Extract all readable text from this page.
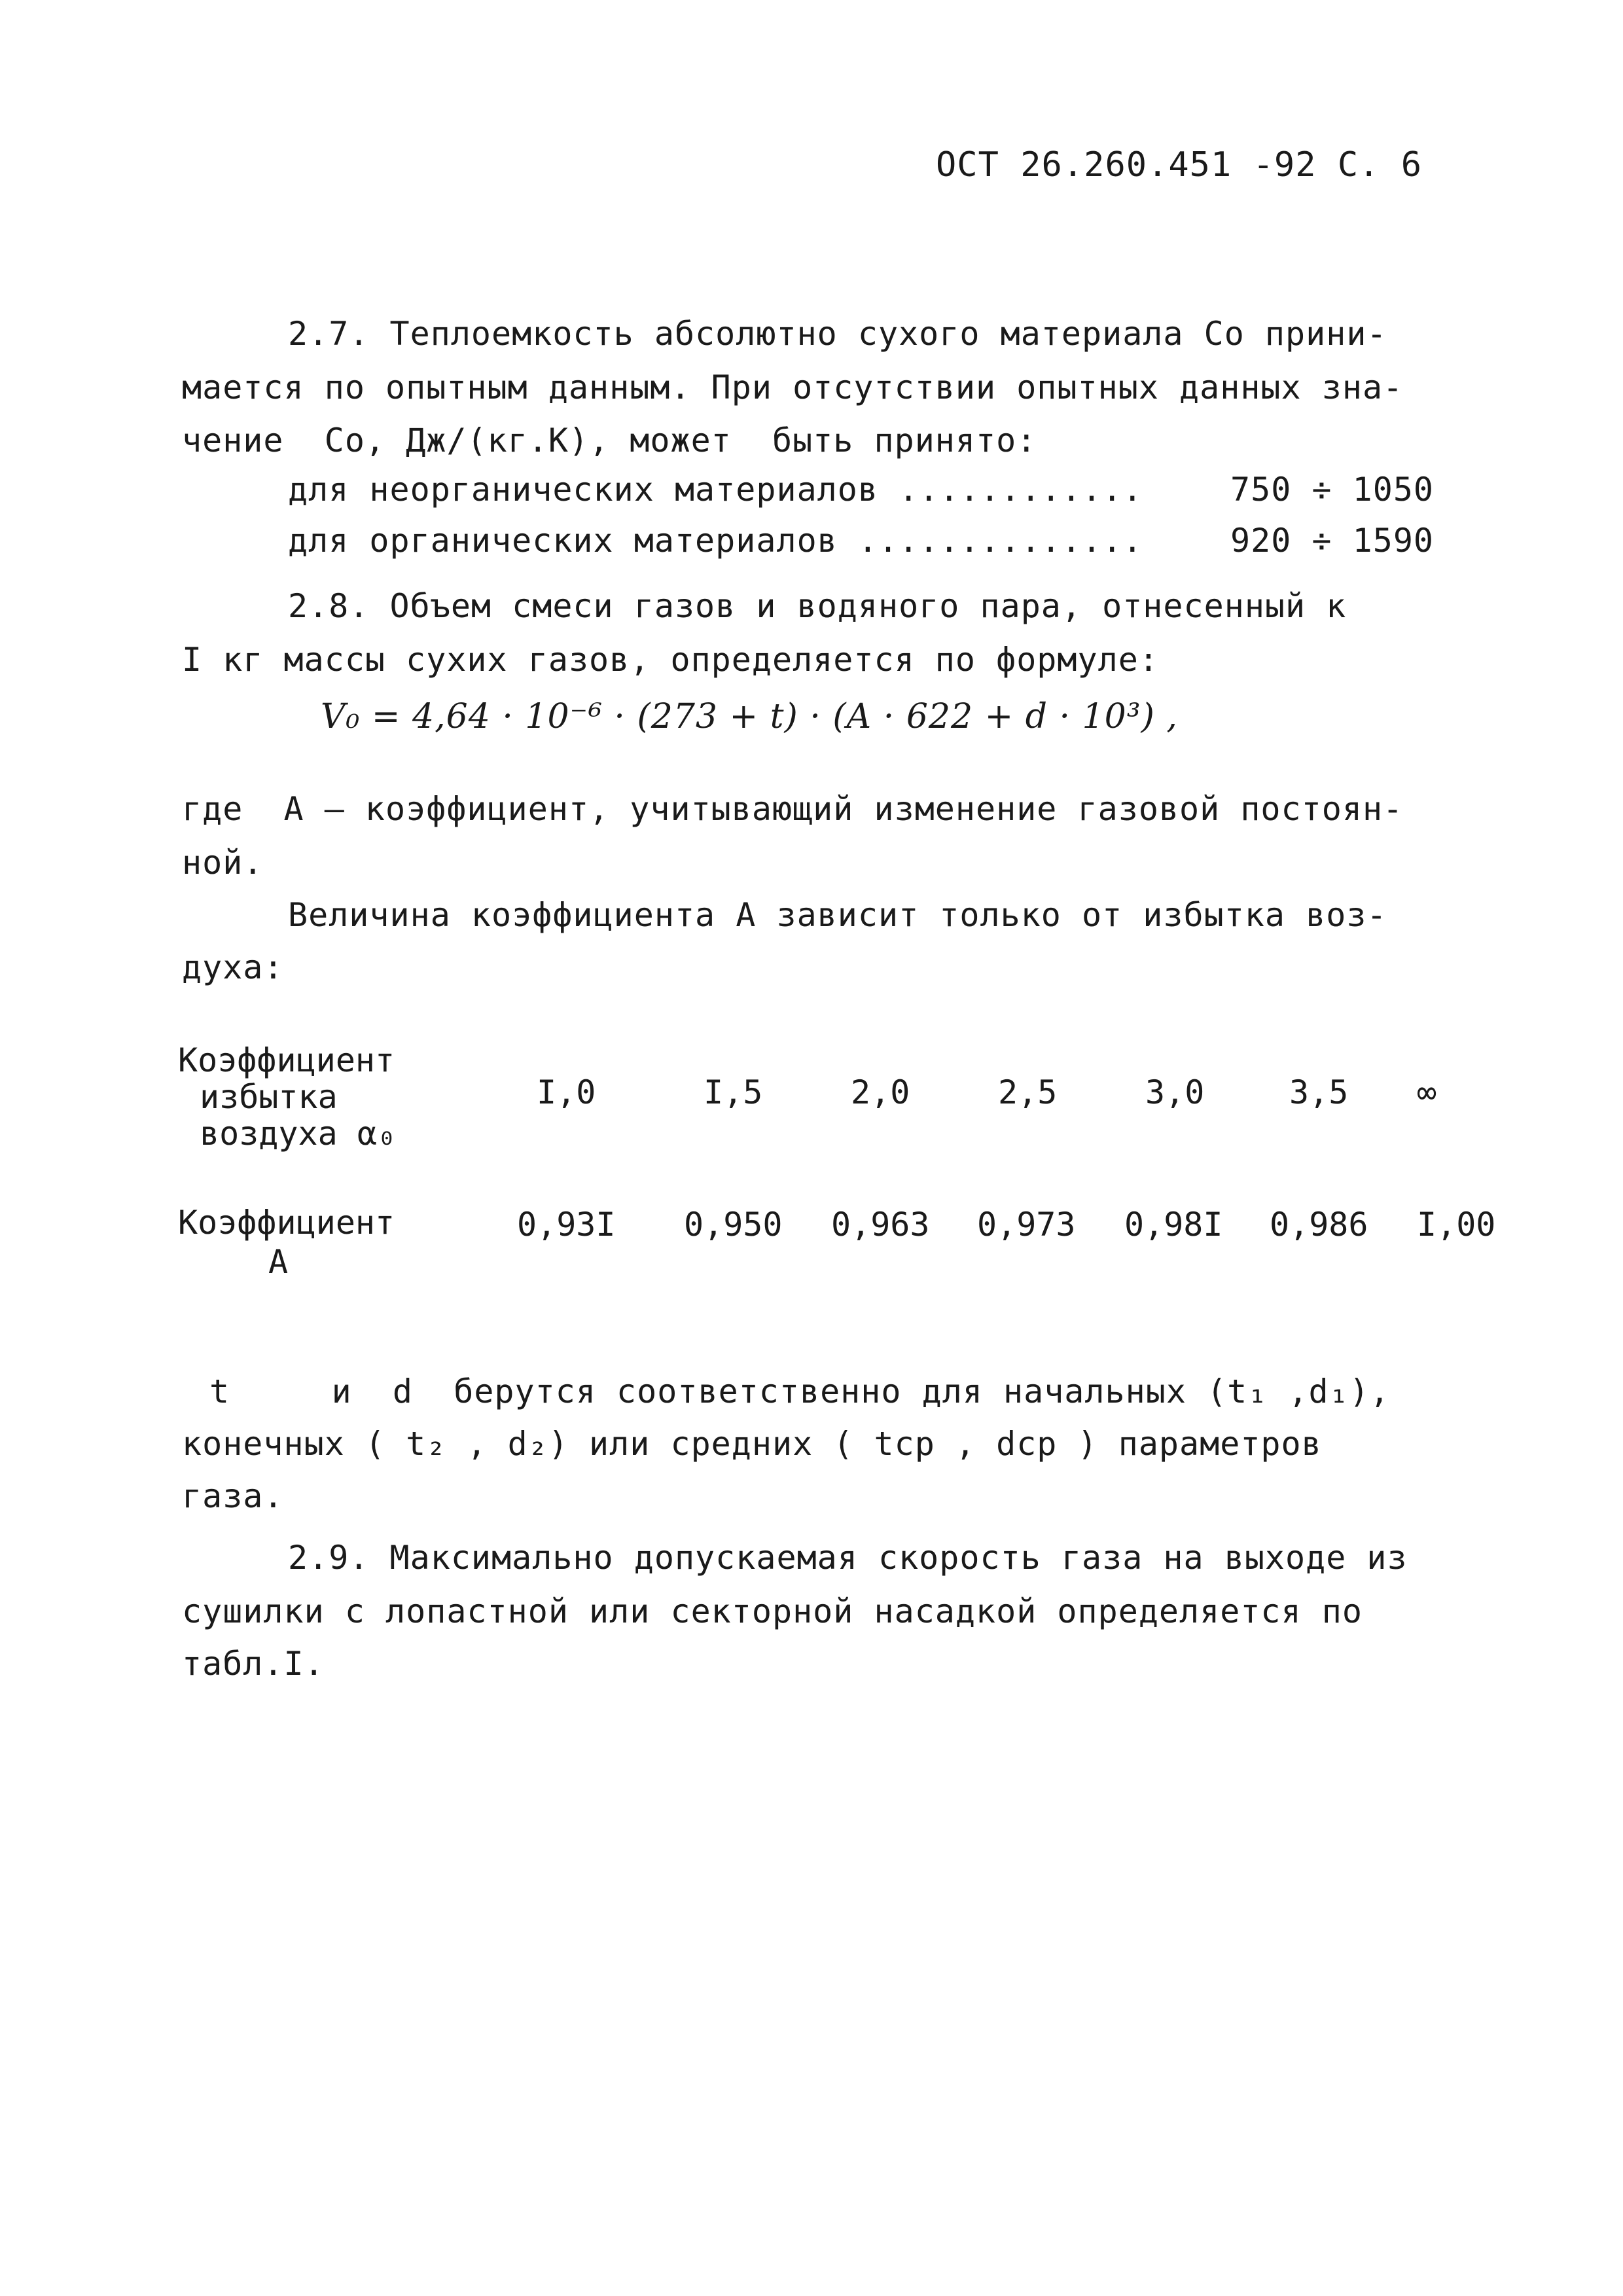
ОСТ 26.260.451 -92 С. 6
2.7. Теплоемкость абсолютно сухого материала Со прини-
мается по опытным данным. При отсутствии опытных данных зна-
чение  Со, Дж/(кг.К), может  быть принято:
для неорганических материалов ............	750 ÷ 1050
для органических материалов ..............	920 ÷ 1590
2.8. Объем смеси газов и водяного пара, отнесенный к
I кг массы сухих газов, определяется по формуле:
V₀ = 4,64 · 10⁻⁶ · (273 + t) · (A · 622 + d · 10³) ,
где  А – коэффициент, учитывающий изменение газовой постоян-
ной.
Величина коэффициента А зависит только от избытка воз-
духа:
Коэффициент
избытка
воздуха α₀
I,0	I,5	2,0	2,5	3,0	3,5 ∞
Коэффициент
А
0,93I 0,950 0,963 0,973 0,98I 0,986 I,00
t     и  d  берутся соответственно для начальных (t₁ ,d₁),
конечных ( t₂ , d₂) или средних ( tср , dср ) параметров
газа.
2.9. Максимально допускаемая скорость газа на выходе из
сушилки с лопастной или секторной насадкой определяется по
табл.I.
